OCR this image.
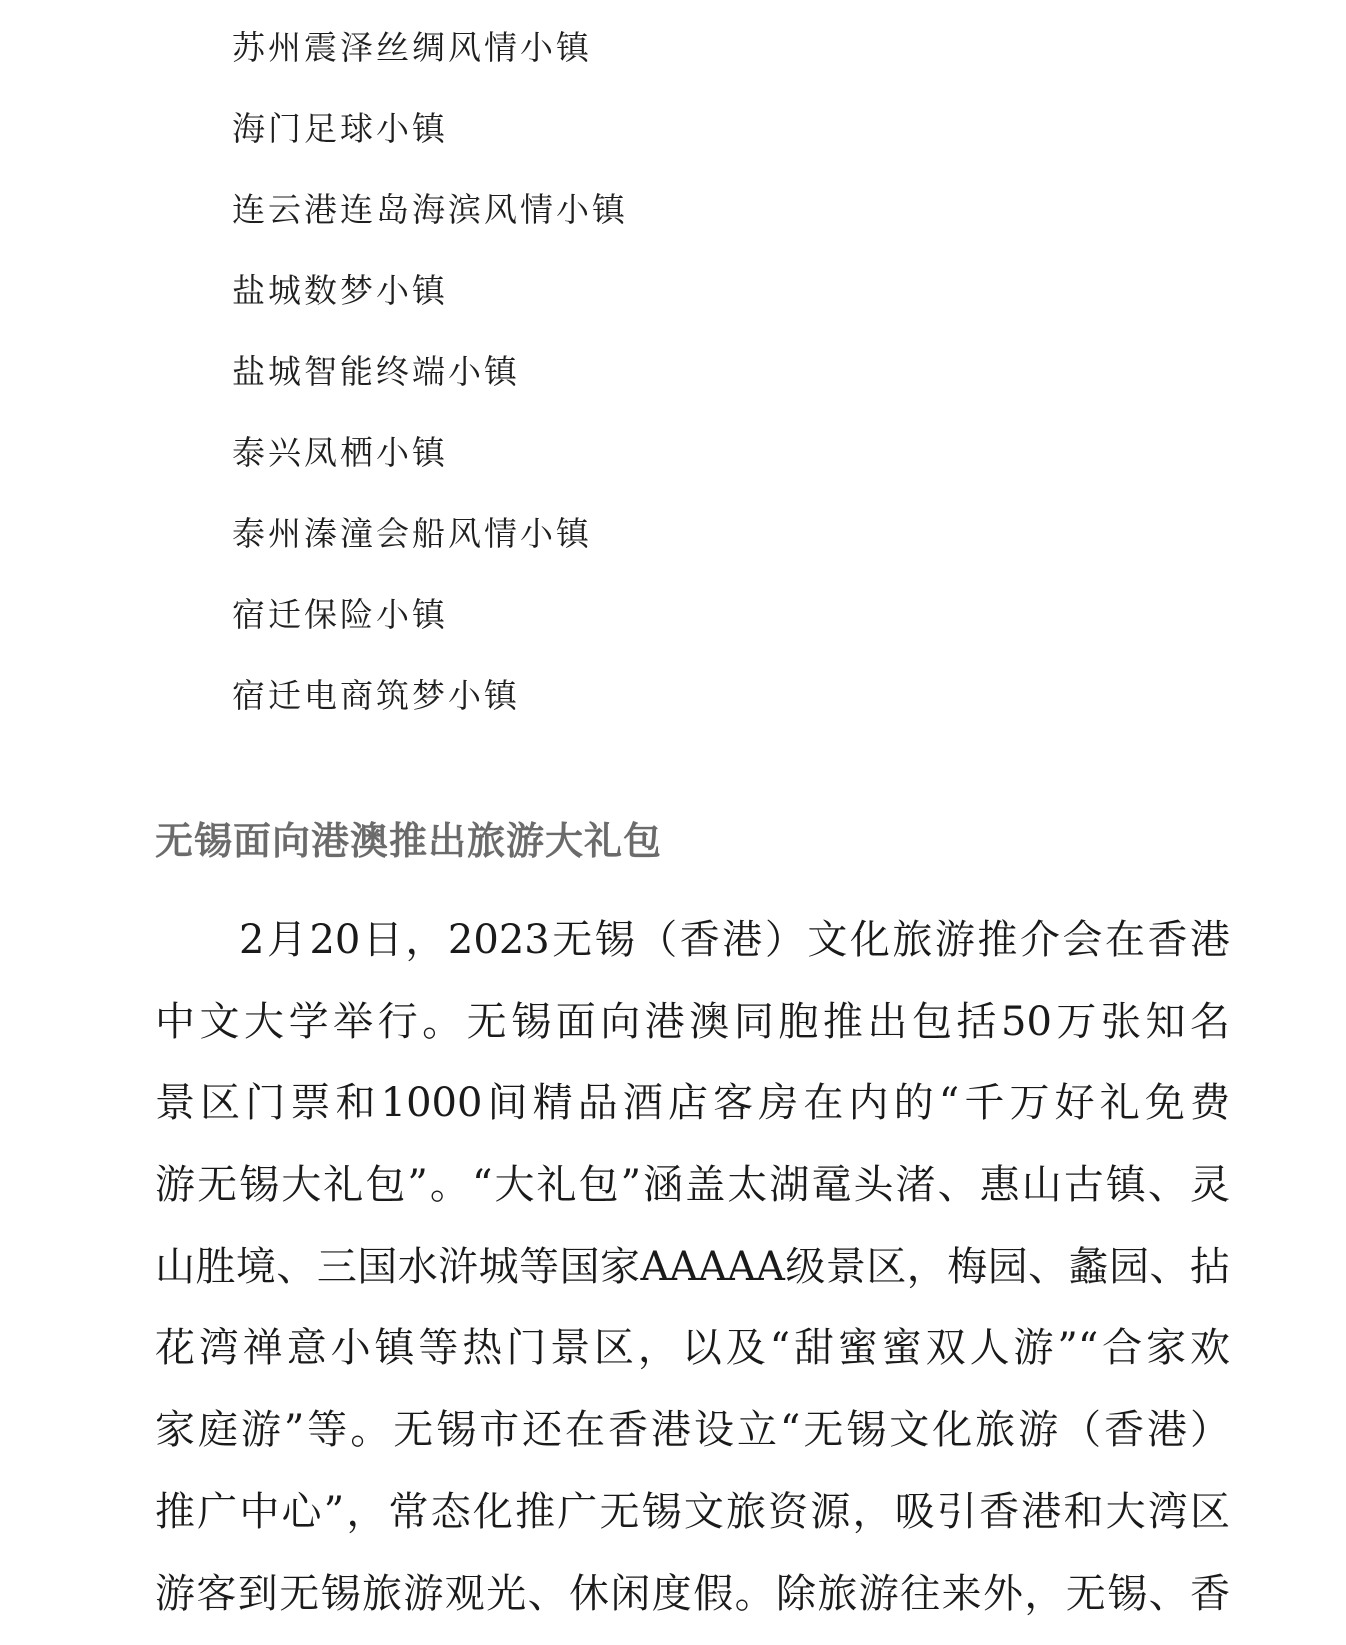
苏州震泽丝绸风情小镇
海门足球小镇
连云港连岛海滨风情小镇
盐城数梦小镇
盐城智能终端小镇
泰兴凤栖小镇
泰州溱潼会船风情小镇
宿迁保险小镇
宿迁电商筑梦小镇
无锡面向港澳推出旅游大礼包
2月20日，2023无锡（香港）文化旅游推介会在香港
中文大学举行。无锡面向港澳同胞推出包括50万张知名
景区门票和1000间精品酒店客房在内的“千万好礼免费
游无锡大礼包”。“大礼包”涵盖太湖鼋头渚、惠山古镇、灵
山胜境、三国水浒城等国家AAAAA级景区，梅园、蠡园、拈
花湾禅意小镇等热门景区，以及“甜蜜蜜双人游”“合家欢
家庭游”等。无锡市还在香港设立“无锡文化旅游（香港）
推广中心”，常态化推广无锡文旅资源，吸引香港和大湾区
游客到无锡旅游观光、休闲度假。除旅游往来外，无锡、香
